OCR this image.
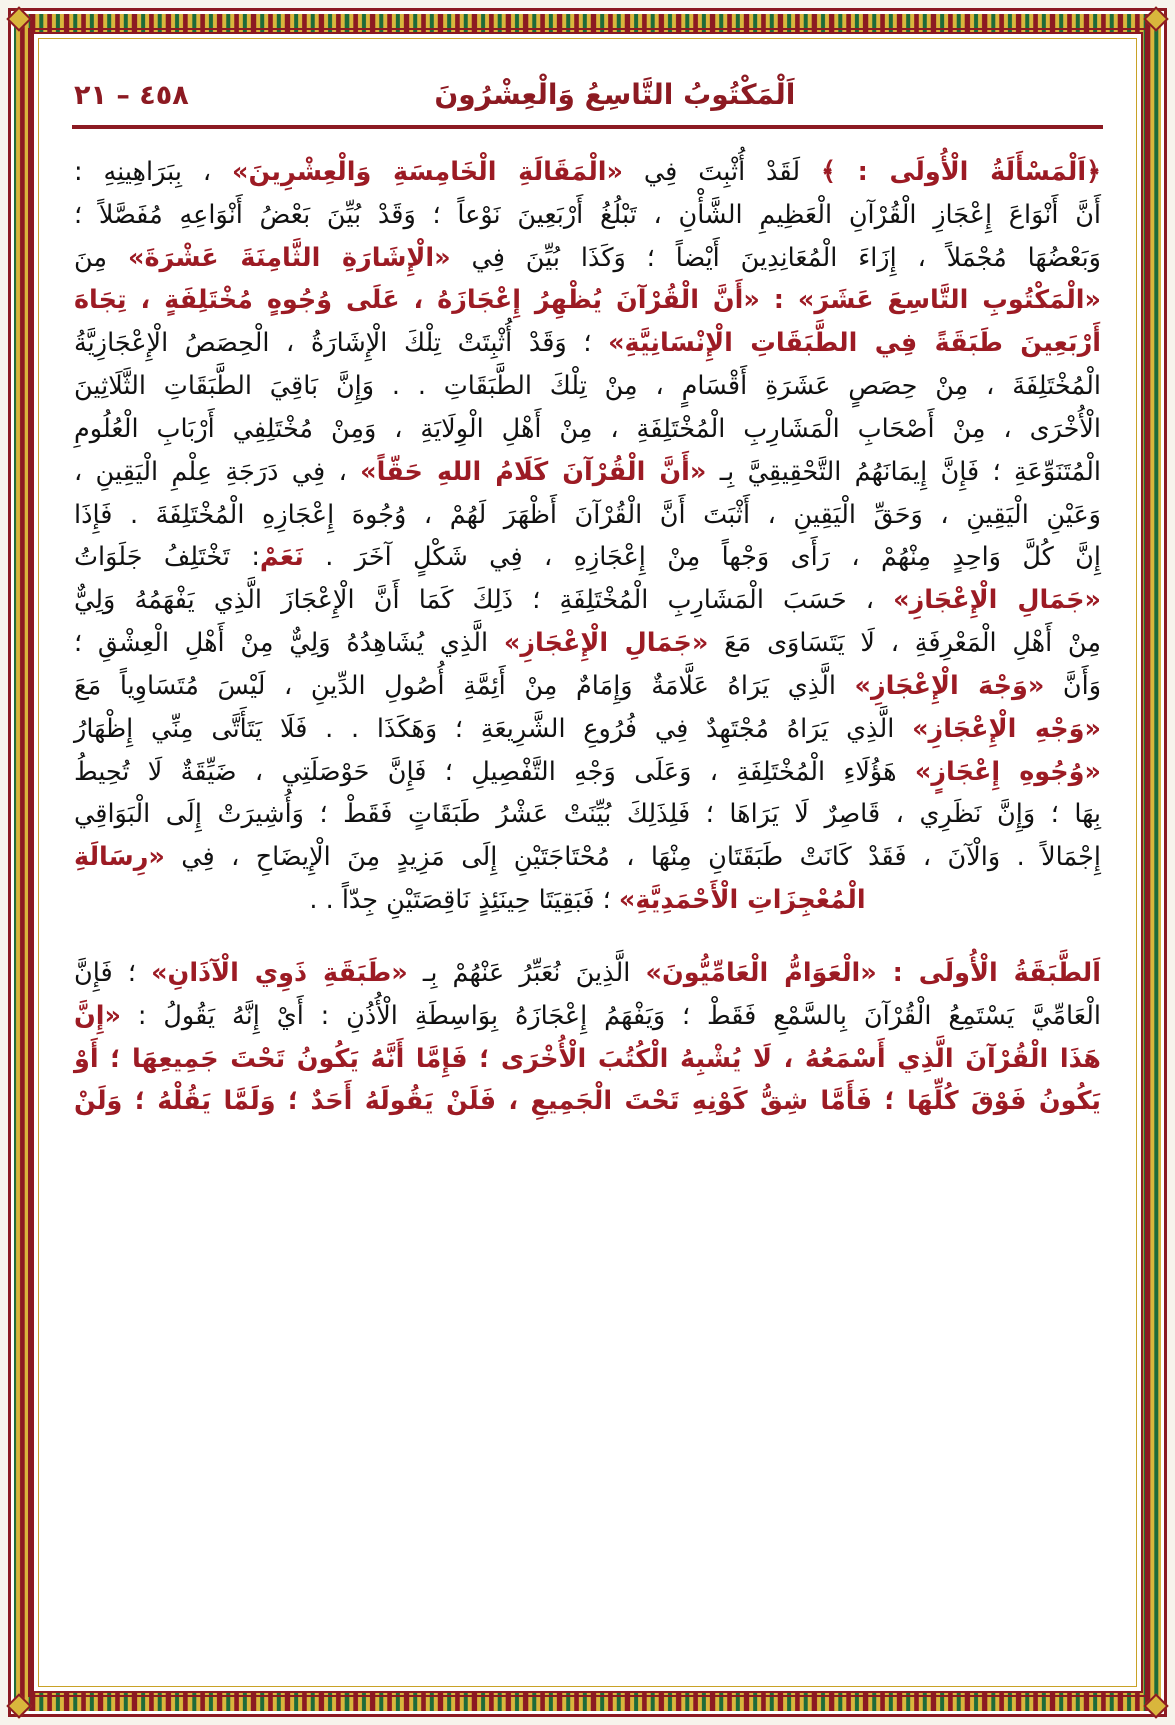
اَلْمَكْتُوبُ التَّاسِعُ وَالْعِشْرُونَ
٤٥٨ – ٢١
﴿اَلْمَسْأَلَةُ الْأُولَى : ﴾ لَقَدْ أُثْبِتَ فِي «الْمَقَالَةِ الْخَامِسَةِ وَالْعِشْرِينَ» ، بِبَرَاهِينِهِ :
أَنَّ أَنْوَاعَ إِعْجَازِ الْقُرْآنِ الْعَظِيمِ الشَّأْنِ ، تَبْلُغُ أَرْبَعِينَ نَوْعاً ؛ وَقَدْ بُيِّنَ بَعْضُ أَنْوَاعِهِ مُفَصَّلاً ؛
وَبَعْضُهَا مُجْمَلاً ، إِزَاءَ الْمُعَانِدِينَ أَيْضاً ؛ وَكَذَا بُيِّنَ فِي «الْإِشَارَةِ الثَّامِنَةَ عَشْرَةَ» مِنَ
«الْمَكْتُوبِ التَّاسِعَ عَشَرَ» : «أَنَّ الْقُرْآنَ يُظْهِرُ إِعْجَازَهُ ، عَلَى وُجُوهٍ مُخْتَلِفَةٍ ، تِجَاهَ
أَرْبَعِينَ طَبَقَةً فِي الطَّبَقَاتِ الْإِنْسَانِيَّةِ» ؛ وَقَدْ أُثْبِتَتْ تِلْكَ الْإِشَارَةُ ، الْحِصَصُ الْإِعْجَازِيَّةُ
الْمُخْتَلِفَةَ ، مِنْ حِصَصٍ عَشَرَةِ أَقْسَامٍ ، مِنْ تِلْكَ الطَّبَقَاتِ . . وَإِنَّ بَاقِيَ الطَّبَقَاتِ الثَّلَاثِينَ
الْأُخْرَى ، مِنْ أَصْحَابِ الْمَشَارِبِ الْمُخْتَلِفَةِ ، مِنْ أَهْلِ الْوِلَايَةِ ، وَمِنْ مُخْتَلِفِي أَرْبَابِ الْعُلُومِ
الْمُتَنَوِّعَةِ ؛ فَإِنَّ إِيمَانَهُمُ التَّحْقِيقِيَّ بِـ «أَنَّ الْقُرْآنَ كَلَامُ اللهِ حَقّاً» ، فِي دَرَجَةِ عِلْمِ الْيَقِينِ ،
وَعَيْنِ الْيَقِينِ ، وَحَقِّ الْيَقِينِ ، أَثْبَتَ أَنَّ الْقُرْآنَ أَظْهَرَ لَهُمْ ، وُجُوهَ إِعْجَازِهِ الْمُخْتَلِفَةَ . فَإِذَا
إِنَّ كُلَّ وَاحِدٍ مِنْهُمْ ، رَأَى وَجْهاً مِنْ إِعْجَازِهِ ، فِي شَكْلٍ آخَرَ . نَعَمْ: تَخْتَلِفُ جَلَوَاتُ
«جَمَالِ الْإِعْجَازِ» ، حَسَبَ الْمَشَارِبِ الْمُخْتَلِفَةِ ؛ ذَلِكَ كَمَا أَنَّ الْإِعْجَازَ الَّذِي يَفْهَمُهُ وَلِيٌّ
مِنْ أَهْلِ الْمَعْرِفَةِ ، لَا يَتَسَاوَى مَعَ «جَمَالِ الْإِعْجَازِ» الَّذِي يُشَاهِدُهُ وَلِيٌّ مِنْ أَهْلِ الْعِشْقِ ؛
وَأَنَّ «وَجْهَ الْإِعْجَازِ» الَّذِي يَرَاهُ عَلَّامَةٌ وَإِمَامٌ مِنْ أَئِمَّةِ أُصُولِ الدِّينِ ، لَيْسَ مُتَسَاوِياً مَعَ
«وَجْهِ الْإِعْجَازِ» الَّذِي يَرَاهُ مُجْتَهِدٌ فِي فُرُوعِ الشَّرِيعَةِ ؛ وَهَكَذَا . . فَلَا يَتَأَتَّى مِنِّي إِظْهَارُ
«وُجُوهِ إِعْجَازٍ» هَؤُلَاءِ الْمُخْتَلِفَةِ ، وَعَلَى وَجْهِ التَّفْصِيلِ ؛ فَإِنَّ حَوْصَلَتِي ، ضَيِّقَةٌ لَا تُحِيطُ
بِهَا ؛ وَإِنَّ نَظَرِي ، قَاصِرٌ لَا يَرَاهَا ؛ فَلِذَلِكَ بُيِّنَتْ عَشْرُ طَبَقَاتٍ فَقَطْ ؛ وَأُشِيرَتْ إِلَى الْبَوَاقِي
إِجْمَالاً . وَالْآنَ ، فَقَدْ كَانَتْ طَبَقَتَانِ مِنْهَا ، مُحْتَاجَتَيْنِ إِلَى مَزِيدٍ مِنَ الْإِيضَاحِ ، فِي «رِسَالَةِ
الْمُعْجِزَاتِ الْأَحْمَدِيَّةِ» ؛ فَبَقِيَتَا حِينَئِذٍ نَاقِصَتَيْنِ جِدّاً . .
اَلطَّبَقَةُ الْأُولَى : «الْعَوَامُّ الْعَامِّيُّونَ» الَّذِينَ نُعَبِّرُ عَنْهُمْ بِـ «طَبَقَةِ ذَوِي الْآذَانِ» ؛ فَإِنَّ
الْعَامِّيَّ يَسْتَمِعُ الْقُرْآنَ بِالسَّمْعِ فَقَطْ ؛ وَيَفْهَمُ إِعْجَازَهُ بِوَاسِطَةِ الْأُذُنِ : أَيْ إِنَّهُ يَقُولُ : «إِنَّ
هَذَا الْقُرْآنَ الَّذِي أَسْمَعُهُ ، لَا يُشْبِهُ الْكُتُبَ الْأُخْرَى ؛ فَإِمَّا أَنَّهُ يَكُونُ تَحْتَ جَمِيعِهَا ؛ أَوْ
يَكُونُ فَوْقَ كُلِّهَا ؛ فَأَمَّا شِقُّ كَوْنِهِ تَحْتَ الْجَمِيعِ ، فَلَنْ يَقُولَهُ أَحَدٌ ؛ وَلَمَّا يَقُلْهُ ؛ وَلَنْ
